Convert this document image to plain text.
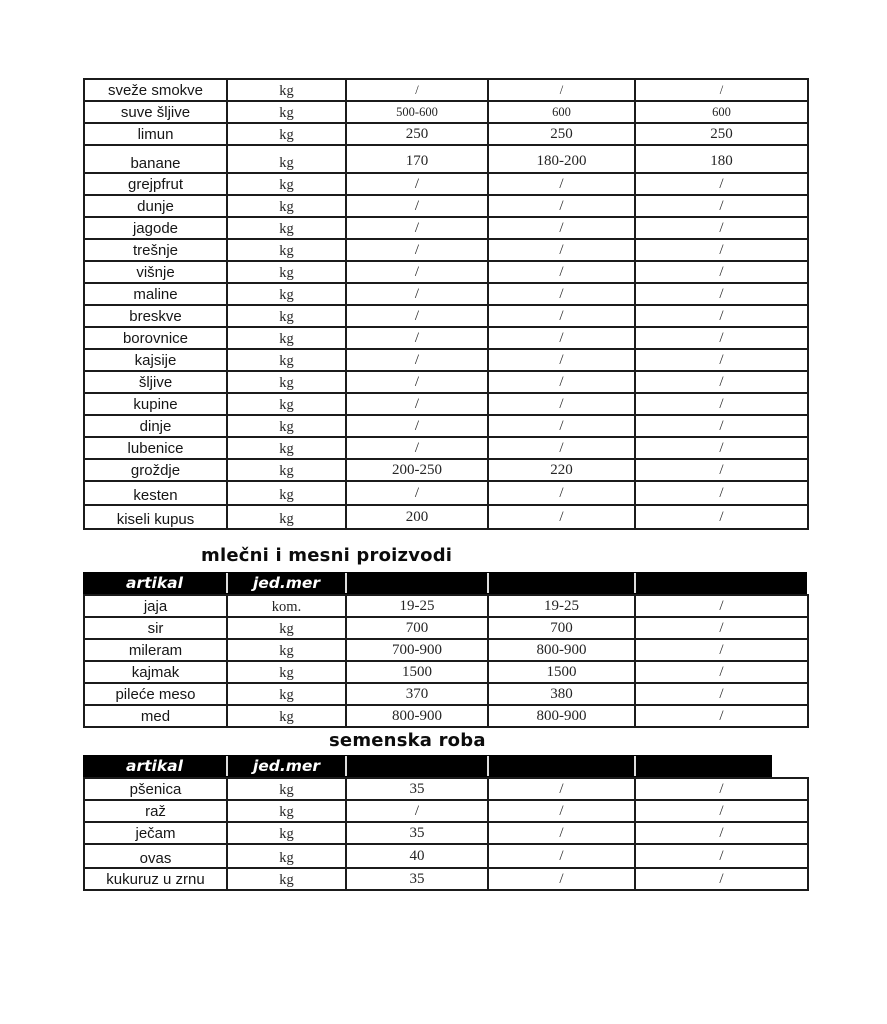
sveže smokve	kg	/	/	/
suve šljive	kg	500-600	600	600
limun	kg	250	250	250
banane	kg	170	180-200	180
grejpfrut	kg	/	/	/
dunje	kg	/	/	/
jagode	kg	/	/	/
trešnje	kg	/	/	/
višnje	kg	/	/	/
maline	kg	/	/	/
breskve	kg	/	/	/
borovnice	kg	/	/	/
kajsije	kg	/	/	/
šljive	kg	/	/	/
kupine	kg	/	/	/
dinje	kg	/	/	/
lubenice	kg	/	/	/
groždje	kg	200-250	220	/
kesten	kg	/	/	/
kiseli kupus	kg	200	/	/
mlečni i mesni proizvodi
artikal	jed.mer
jaja	kom.	19-25	19-25	/
sir	kg	700	700	/
mileram	kg	700-900	800-900	/
kajmak	kg	1500	1500	/
pileće meso	kg	370	380	/
med	kg	800-900	800-900	/
semenska roba
artikal	jed.mer
pšenica	kg	35	/	/
raž	kg	/	/	/
ječam	kg	35	/	/
ovas	kg	40	/	/
kukuruz u zrnu	kg	35	/	/
